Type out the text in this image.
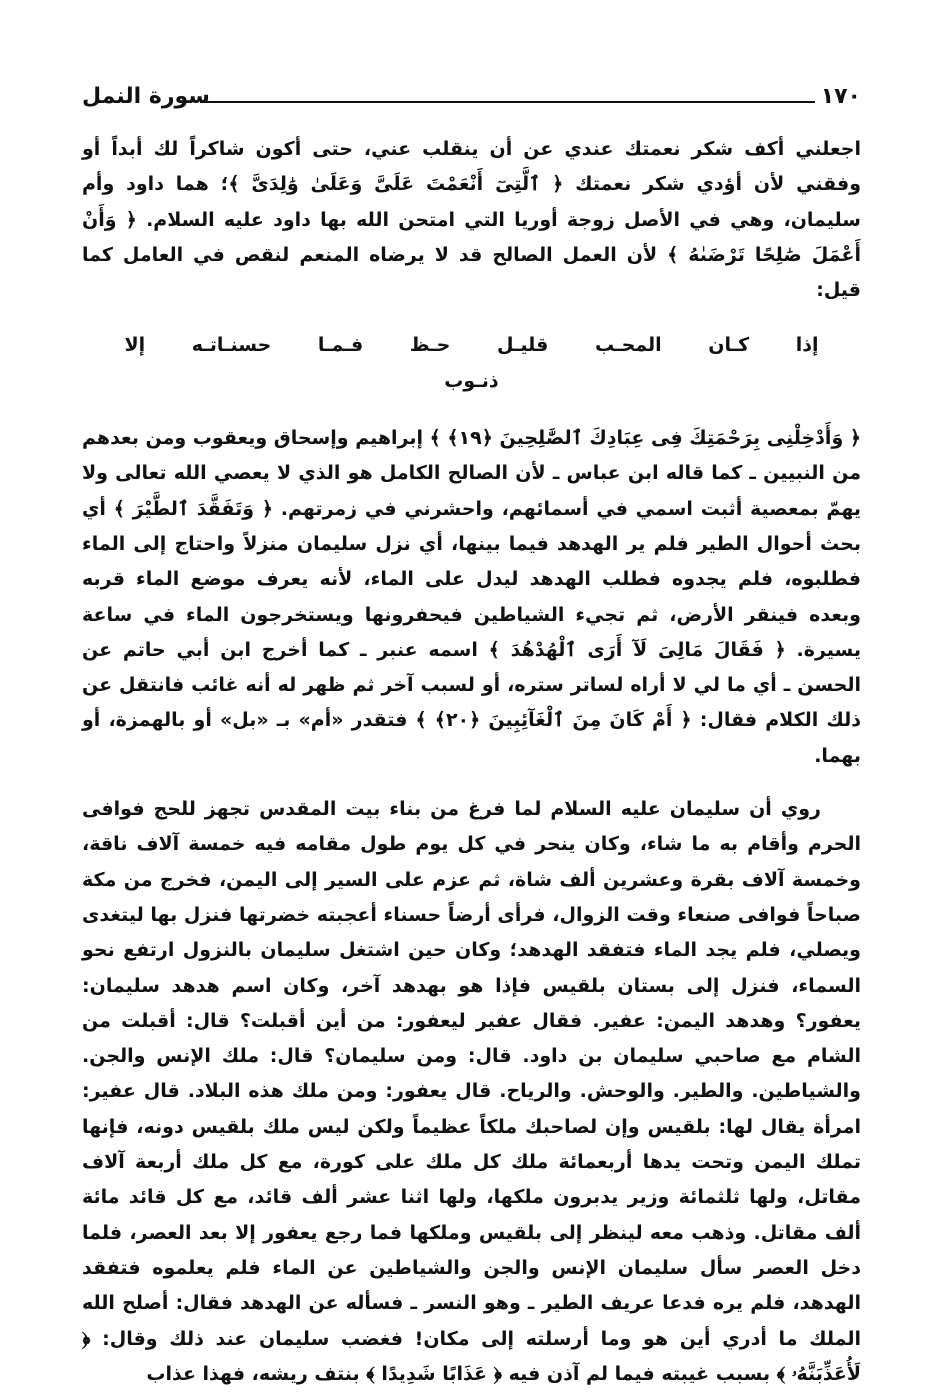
١٧٠
سورة النمل

اجعلني أكف شكر نعمتك عندي عن أن ينقلب عني، حتى أكون شاكراً لك أبداً أو وفقني لأن أؤدي شكر نعمتك ﴿ ٱلَّتِىٓ أَنْعَمْتَ عَلَىَّ وَعَلَىٰ وَٰلِدَىَّ ﴾؛ هما داود وأم سليمان، وهي في الأصل زوجة أوريا التي امتحن الله بها داود عليه السلام. ﴿ وَأَنْ أَعْمَلَ صَٰلِحًا تَرْضَىٰهُ ﴾ لأن العمل الصالح قد لا يرضاه المنعم لنقص في العامل كما قيل:

إذا كـان المحـب قليـل حـظ فـمـا حسنـاتـه إلا ذنـوب

﴿ وَأَدْخِلْنِى بِرَحْمَتِكَ فِى عِبَادِكَ ٱلصَّٰلِحِينَ ﴿١٩﴾ ﴾ إبراهيم وإسحاق ويعقوب ومن بعدهم من النبيين ـ كما قاله ابن عباس ـ لأن الصالح الكامل هو الذي لا يعصي الله تعالى ولا يهمّ بمعصية أثبت اسمي في أسمائهم، واحشرني في زمرتهم. ﴿ وَتَفَقَّدَ ٱلطَّيْرَ ﴾ أي بحث أحوال الطير فلم ير الهدهد فيما بينها، أي نزل سليمان منزلاً واحتاج إلى الماء فطلبوه، فلم يجدوه فطلب الهدهد ليدل على الماء، لأنه يعرف موضع الماء قربه وبعده فينقر الأرض، ثم تجيء الشياطين فيحفرونها ويستخرجون الماء في ساعة يسيرة. ﴿ فَقَالَ مَالِىَ لَآ أَرَى ٱلْهُدْهُدَ ﴾ اسمه عنبر ـ كما أخرج ابن أبي حاتم عن الحسن ـ أي ما لي لا أراه لساتر ستره، أو لسبب آخر ثم ظهر له أنه غائب فانتقل عن ذلك الكلام فقال: ﴿ أَمْ كَانَ مِنَ ٱلْغَآئِبِينَ ﴿٢٠﴾ ﴾ فتقدر «أم» بـ «بل» أو بالهمزة، أو بهما.

روي أن سليمان عليه السلام لما فرغ من بناء بيت المقدس تجهز للحج فوافى الحرم وأقام به ما شاء، وكان ينحر في كل يوم طول مقامه فيه خمسة آلاف ناقة، وخمسة آلاف بقرة وعشرين ألف شاة، ثم عزم على السير إلى اليمن، فخرج من مكة صباحاً فوافى صنعاء وقت الزوال، فرأى أرضاً حسناء أعجبته خضرتها فنزل بها ليتغدى ويصلي، فلم يجد الماء فتفقد الهدهد؛ وكان حين اشتغل سليمان بالنزول ارتفع نحو السماء، فنزل إلى بستان بلقيس فإذا هو بهدهد آخر، وكان اسم هدهد سليمان: يعفور؟ وهدهد اليمن: عفير. فقال عفير ليعفور: من أين أقبلت؟ قال: أقبلت من الشام مع صاحبي سليمان بن داود. قال: ومن سليمان؟ قال: ملك الإنس والجن. والشياطين. والطير. والوحش. والرياح. قال يعفور: ومن ملك هذه البلاد. قال عفير: امرأة يقال لها: بلقيس وإن لصاحبك ملكاً عظيماً ولكن ليس ملك بلقيس دونه، فإنها تملك اليمن وتحت يدها أربعمائة ملك كل ملك على كورة، مع كل ملك أربعة آلاف مقاتل، ولها ثلثمائة وزير يدبرون ملكها، ولها اثنا عشر ألف قائد، مع كل قائد مائة ألف مقاتل. وذهب معه لينظر إلى بلقيس وملكها فما رجع يعفور إلا بعد العصر، فلما دخل العصر سأل سليمان الإنس والجن والشياطين عن الماء فلم يعلموه فتفقد الهدهد، فلم يره فدعا عريف الطير ـ وهو النسر ـ فسأله عن الهدهد فقال: أصلح الله الملك ما أدري أين هو وما أرسلته إلى مكان! فغضب سليمان عند ذلك وقال: ﴿ لَأُعَذِّبَنَّهُۥ ﴾ بسبب غيبته فيما لم آذن فيه ﴿ عَذَابًا شَدِيدًا ﴾ بنتف ريشه، فهذا عذاب
